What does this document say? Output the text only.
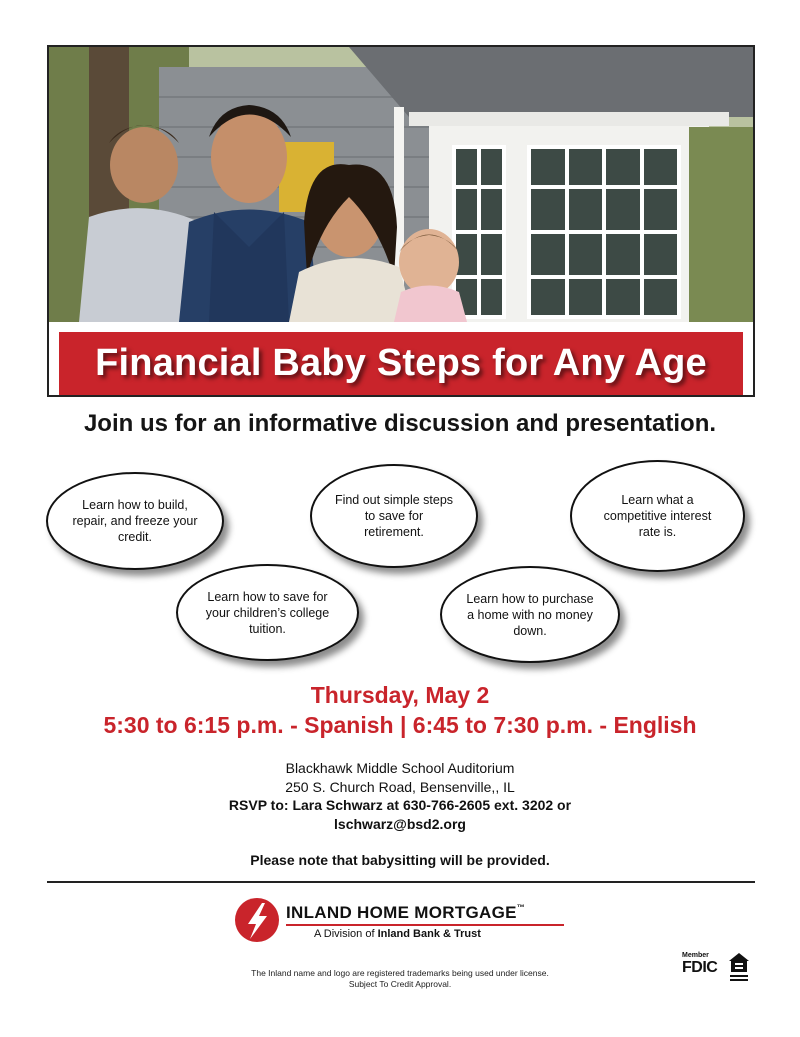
Financial Baby Steps for Any Age
Join us for an informative discussion and presentation.
Learn how to build, repair, and freeze your credit.
Find out simple steps to save for retirement.
Learn what a competitive interest rate is.
Learn how to save for your children’s college tuition.
Learn how to purchase a home with no money down.
Thursday, May 2
5:30 to 6:15 p.m. - Spanish | 6:45 to 7:30 p.m. - English
Blackhawk Middle School Auditorium
250 S. Church Road, Bensenville,, IL
RSVP to: Lara Schwarz at 630-766-2605 ext. 3202 or
lschwarz@bsd2.org
Please note that babysitting will be provided.
INLAND HOME MORTGAGE™
A Division of Inland Bank & Trust
The Inland name and logo are registered trademarks being used under license.
Subject To Credit Approval.
Member
FDIC
